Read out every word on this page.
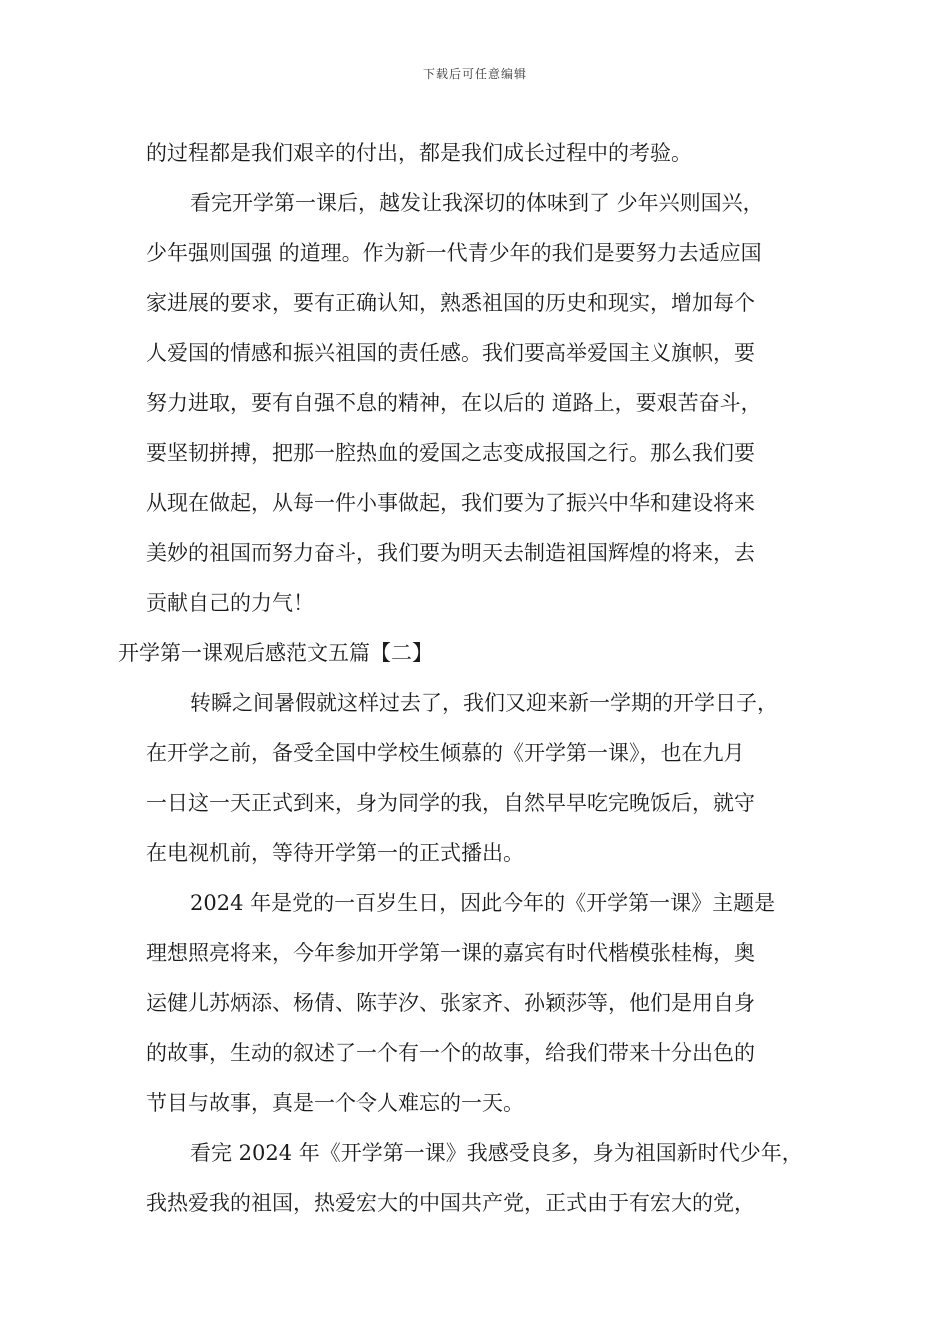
下载后可任意编辑
的过程都是我们艰辛的付出，都是我们成长过程中的考验。
看完开学第一课后，越发让我深切的体味到了 少年兴则国兴，
少年强则国强 的道理。作为新一代青少年的我们是要努力去适应国
家进展的要求，要有正确认知，熟悉祖国的历史和现实，增加每个
人爱国的情感和振兴祖国的责任感。我们要高举爱国主义旗帜，要
努力进取，要有自强不息的精神，在以后的 道路上，要艰苦奋斗，
要坚韧拼搏，把那一腔热血的爱国之志变成报国之行。那么我们要
从现在做起，从每一件小事做起，我们要为了振兴中华和建设将来
美妙的祖国而努力奋斗，我们要为明天去制造祖国辉煌的将来，去
贡献自己的力气！
开学第一课观后感范文五篇【二】
转瞬之间暑假就这样过去了，我们又迎来新一学期的开学日子，
在开学之前，备受全国中学校生倾慕的《开学第一课》，也在九月
一日这一天正式到来，身为同学的我，自然早早吃完晚饭后，就守
在电视机前，等待开学第一的正式播出。
2024 年是党的一百岁生日，因此今年的《开学第一课》主题是
理想照亮将来，今年参加开学第一课的嘉宾有时代楷模张桂梅，奥
运健儿苏炳添、杨倩、陈芋汐、张家齐、孙颖莎等，他们是用自身
的故事，生动的叙述了一个有一个的故事，给我们带来十分出色的
节目与故事，真是一个令人难忘的一天。
看完 2024 年《开学第一课》我感受良多，身为祖国新时代少年，
我热爱我的祖国，热爱宏大的中国共产党，正式由于有宏大的党，
